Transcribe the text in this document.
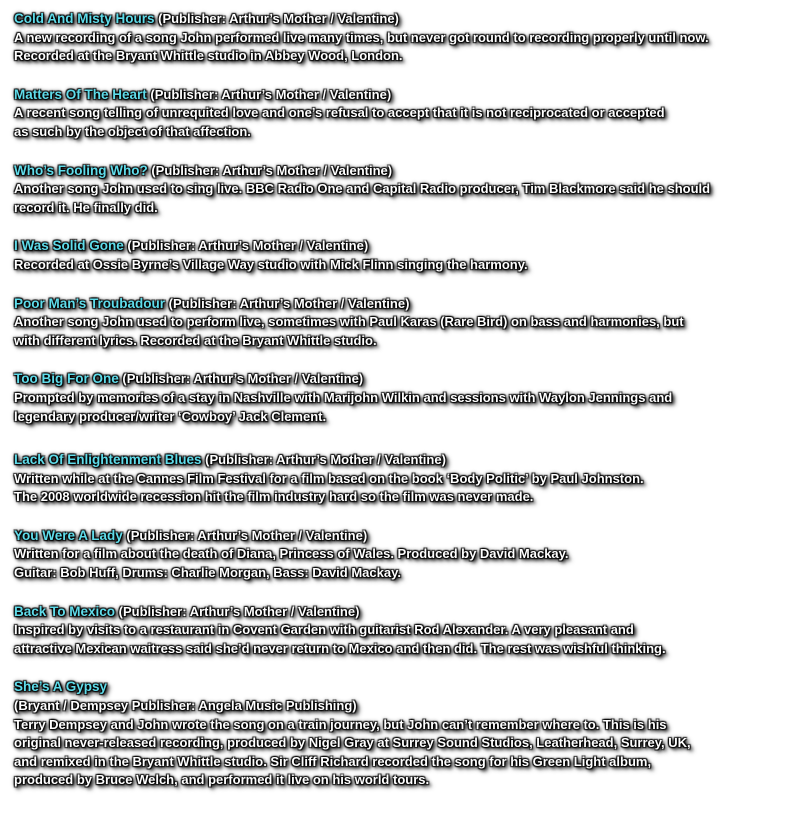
Cold And Misty Hours (Publisher: Arthur’s Mother / Valentine)
A new recording of a song John performed live many times, but never got round to recording properly until now.
Recorded at the Bryant Whittle studio in Abbey Wood, London.
Matters Of The Heart (Publisher: Arthur’s Mother / Valentine)
A recent song telling of unrequited love and one’s refusal to accept that it is not reciprocated or accepted
as such by the object of that affection.
Who’s Fooling Who? (Publisher: Arthur’s Mother / Valentine)
Another song John used to sing live. BBC Radio One and Capital Radio producer, Tim Blackmore said he should
record it. He finally did.
I Was Solid Gone (Publisher: Arthur’s Mother / Valentine)
Recorded at Ossie Byrne’s Village Way studio with Mick Flinn singing the harmony.
Poor Man’s Troubadour (Publisher: Arthur’s Mother / Valentine)
Another song John used to perform live, sometimes with Paul Karas (Rare Bird) on bass and harmonies, but
with different lyrics. Recorded at the Bryant Whittle studio.
Too Big For One (Publisher: Arthur’s Mother / Valentine)
Prompted by memories of a stay in Nashville with Marijohn Wilkin and sessions with Waylon Jennings and
legendary producer/writer ‘Cowboy’ Jack Clement.
Lack Of Enlightenment Blues (Publisher: Arthur’s Mother / Valentine)
Written while at the Cannes Film Festival for a film based on the book ‘Body Politic’ by Paul Johnston.
The 2008 worldwide recession hit the film industry hard so the film was never made.
You Were A Lady (Publisher: Arthur’s Mother / Valentine)
Written for a film about the death of Diana, Princess of Wales. Produced by David Mackay.
Guitar: Bob Huff, Drums: Charlie Morgan, Bass: David Mackay.
Back To Mexico (Publisher: Arthur’s Mother / Valentine)
Inspired by visits to a restaurant in Covent Garden with guitarist Rod Alexander. A very pleasant and
attractive Mexican waitress said she’d never return to Mexico and then did. The rest was wishful thinking.
She’s A Gypsy
(Bryant / Dempsey Publisher: Angela Music Publishing)
Terry Dempsey and John wrote the song on a train journey, but John can’t remember where to. This is his
original never-released recording, produced by Nigel Gray at Surrey Sound Studios, Leatherhead, Surrey, UK,
and remixed in the Bryant Whittle studio. Sir Cliff Richard recorded the song for his Green Light album,
produced by Bruce Welch, and performed it live on his world tours.
